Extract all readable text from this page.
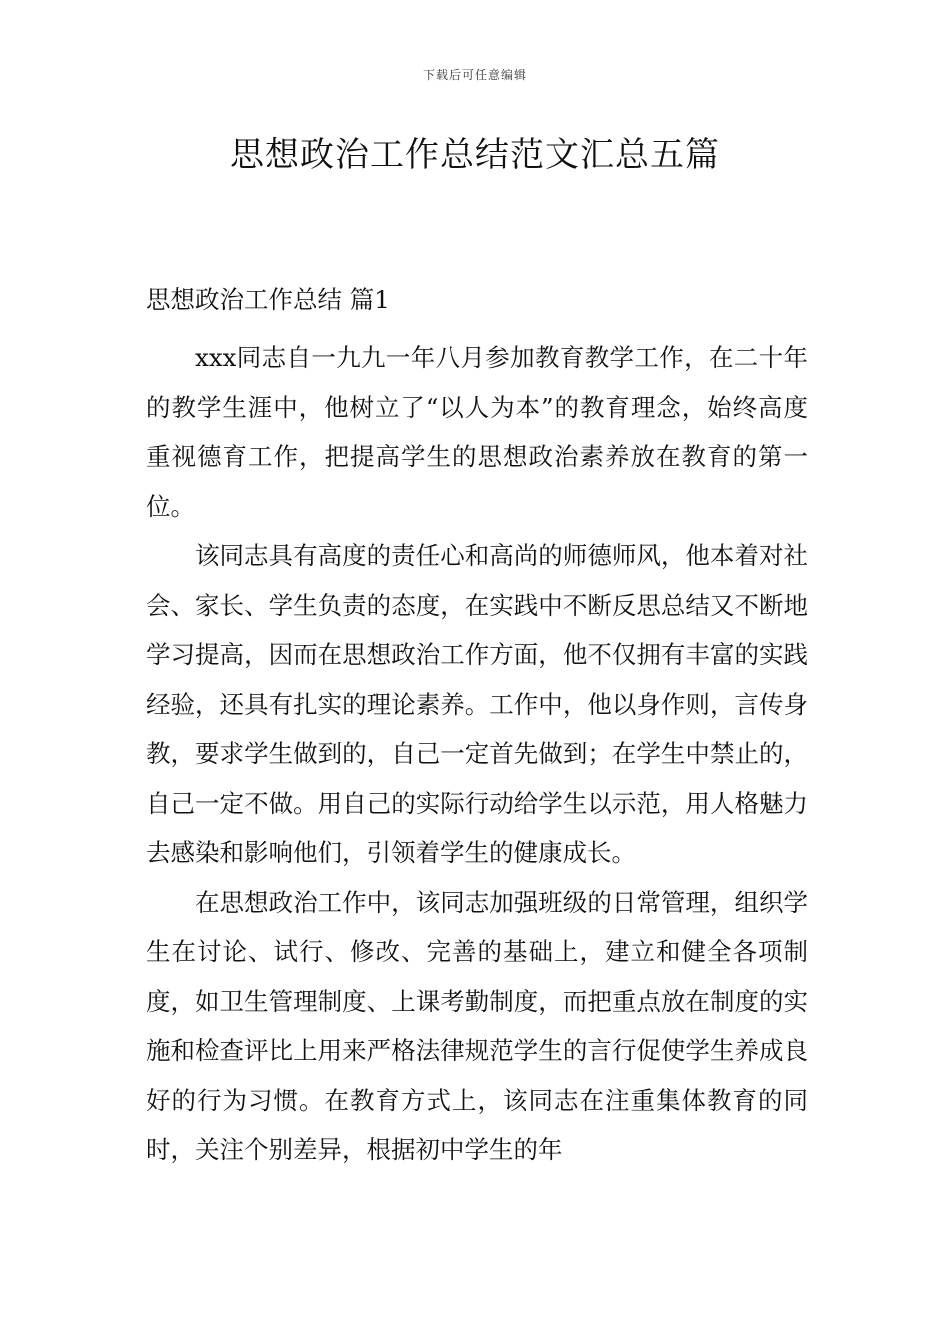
下载后可任意编辑
思想政治工作总结范文汇总五篇
思想政治工作总结 篇1

xxx同志自一九九一年八月参加教育教学工作，在二十年的教学生涯中，他树立了“以人为本”的教育理念，始终高度重视德育工作，把提高学生的思想政治素养放在教育的第一位。

该同志具有高度的责任心和高尚的师德师风，他本着对社会、家长、学生负责的态度，在实践中不断反思总结又不断地学习提高，因而在思想政治工作方面，他不仅拥有丰富的实践经验，还具有扎实的理论素养。工作中，他以身作则，言传身教，要求学生做到的，自己一定首先做到；在学生中禁止的，自己一定不做。用自己的实际行动给学生以示范，用人格魅力去感染和影响他们，引领着学生的健康成长。

在思想政治工作中，该同志加强班级的日常管理，组织学生在讨论、试行、修改、完善的基础上，建立和健全各项制度，如卫生管理制度、上课考勤制度，而把重点放在制度的实施和检查评比上用来严格法律规范学生的言行促使学生养成良好的行为习惯。在教育方式上，该同志在注重集体教育的同时，关注个别差异，根据初中学生的年
